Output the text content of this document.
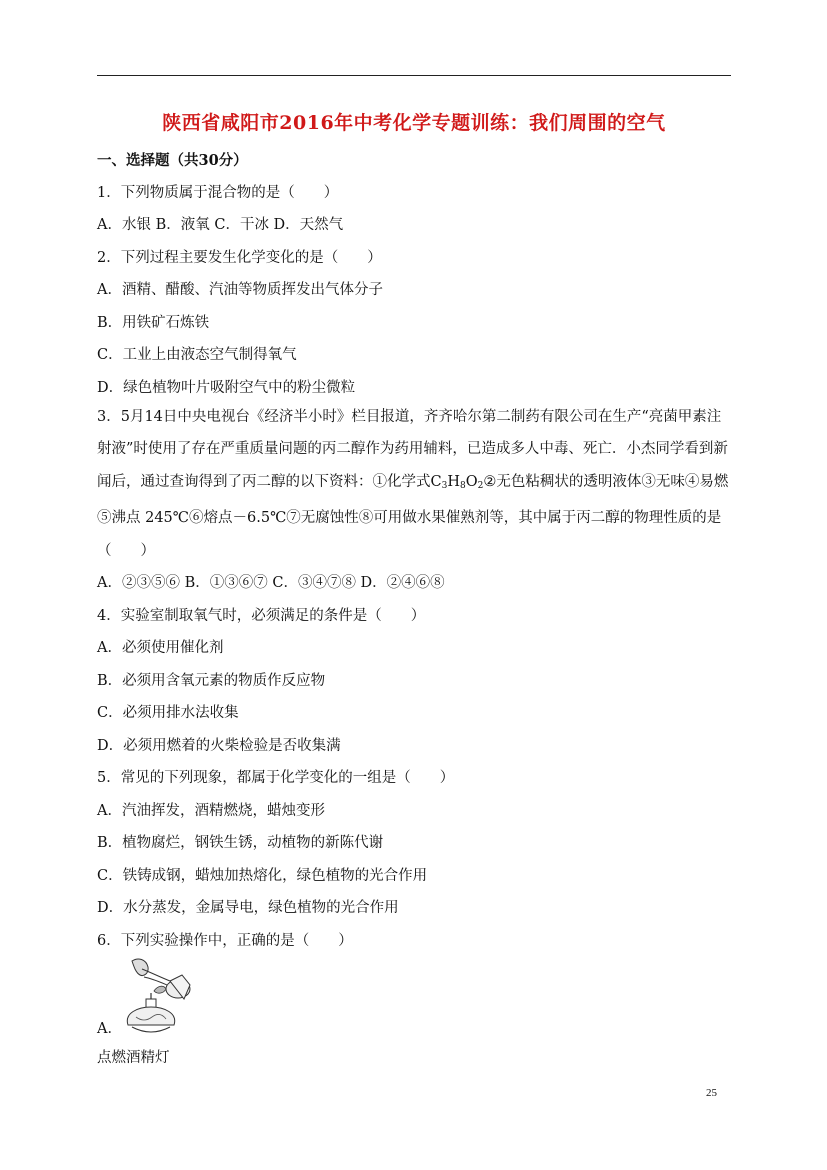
陕西省咸阳市2016年中考化学专题训练：我们周围的空气
一、选择题（共30分）
1．下列物质属于混合物的是（　　）
A．水银 B．液氧 C．干冰 D．天然气
2．下列过程主要发生化学变化的是（　　）
A．酒精、醋酸、汽油等物质挥发出气体分子
B．用铁矿石炼铁
C．工业上由液态空气制得氧气
D．绿色植物叶片吸附空气中的粉尘微粒
3．5月14日中央电视台《经济半小时》栏目报道，齐齐哈尔第二制药有限公司在生产“亮菌甲素注射液”时使用了存在严重质量问题的丙二醇作为药用辅料，已造成多人中毒、死亡．小杰同学看到新闻后，通过查询得到了丙二醇的以下资料：①化学式$C_3H_8O_2②$无色粘稠状的透明液体③无味④易燃⑤沸点 245℃⑥熔点－6.5℃⑦无腐蚀性⑧可用做水果催熟剂等，其中属于丙二醇的物理性质的是（　　）
A．②③⑤⑥ B．①③⑥⑦ C．③④⑦⑧ D．②④⑥⑧
4．实验室制取氧气时，必须满足的条件是（　　）
A．必须使用催化剂
B．必须用含氧元素的物质作反应物
C．必须用排水法收集
D．必须用燃着的火柴检验是否收集满
5．常见的下列现象，都属于化学变化的一组是（　　）
A．汽油挥发，酒精燃烧，蜡烛变形
B．植物腐烂，钢铁生锈，动植物的新陈代谢
C．铁铸成钢，蜡烛加热熔化，绿色植物的光合作用
D．水分蒸发，金属导电，绿色植物的光合作用
6．下列实验操作中，正确的是（　　）
A．
点燃酒精灯
25
